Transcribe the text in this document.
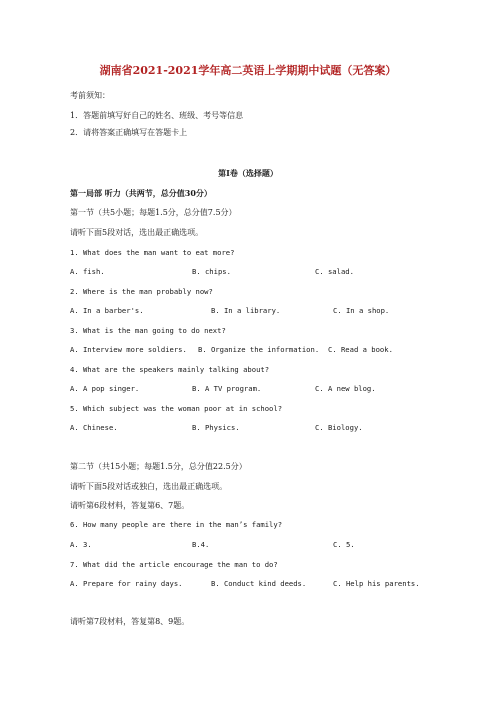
湖南省2021-2021学年高二英语上学期期中试题（无答案）
考前须知：
1．答题前填写好自己的姓名、班级、考号等信息
2．请将答案正确填写在答题卡上
第I卷（选择题）
第一局部 听力（共两节，总分值30分）
第一节（共5小题；每题1.5分，总分值7.5分）
请听下面5段对话，选出最正确选项。
1. What does the man want to eat more?
A. fish.	B. chips.	C. salad.
2. Where is the man probably now?
A. In a barber's.	B. In a library.	C. In a shop.
3. What is the man going to do next?
A. Interview more soldiers. B. Organize the information. C. Read a book.
4. What are the speakers mainly talking about?
A. A pop singer.	B. A TV program.	C. A new blog.
5. Which subject was the woman poor at in school?
A. Chinese.	B. Physics.	C. Biology.
第二节（共15小题；每题1.5分，总分值22.5分）
请听下面5段对话或独白，选出最正确选项。
请听第6段材料，答复第6、7题。
6. How many people are there in the man’s family?
A. 3.	B.4.	C. 5.
7. What did the article encourage the man to do?
A. Prepare for rainy days.	B. Conduct kind deeds.	C. Help his parents.
请听第7段材料，答复第8、9题。
